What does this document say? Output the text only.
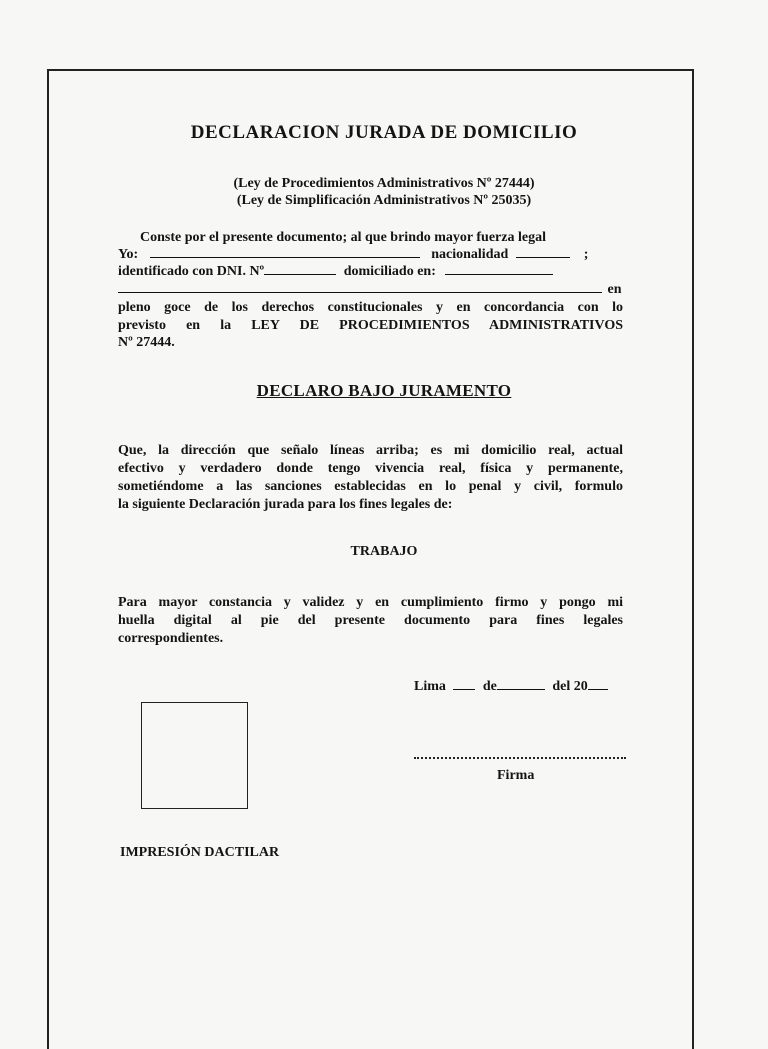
DECLARACION JURADA DE DOMICILIO
(Ley de Procedimientos Administrativos Nº 27444)
(Ley de Simplificación Administrativos Nº 25035)
Conste por el presente documento; al que brindo mayor fuerza legal
Yo:	nacionalidad	;
identificado con DNI. Nº	domiciliado en:
en
pleno goce de los derechos constitucionales y en concordancia con lo
previsto en la LEY DE PROCEDIMIENTOS ADMINISTRATIVOS
Nº 27444.
DECLARO BAJO JURAMENTO
Que, la dirección que señalo líneas arriba; es mi domicilio real, actual
efectivo y verdadero donde tengo vivencia real, física y permanente,
sometiéndome a las sanciones establecidas en lo penal y civil, formulo
la siguiente Declaración jurada para los fines legales de:
TRABAJO
Para mayor constancia y validez y en cumplimiento firmo y pongo mi
huella digital al pie del presente documento para fines legales
correspondientes.
Lima	de	del 20
Firma
IMPRESIÓN DACTILAR
